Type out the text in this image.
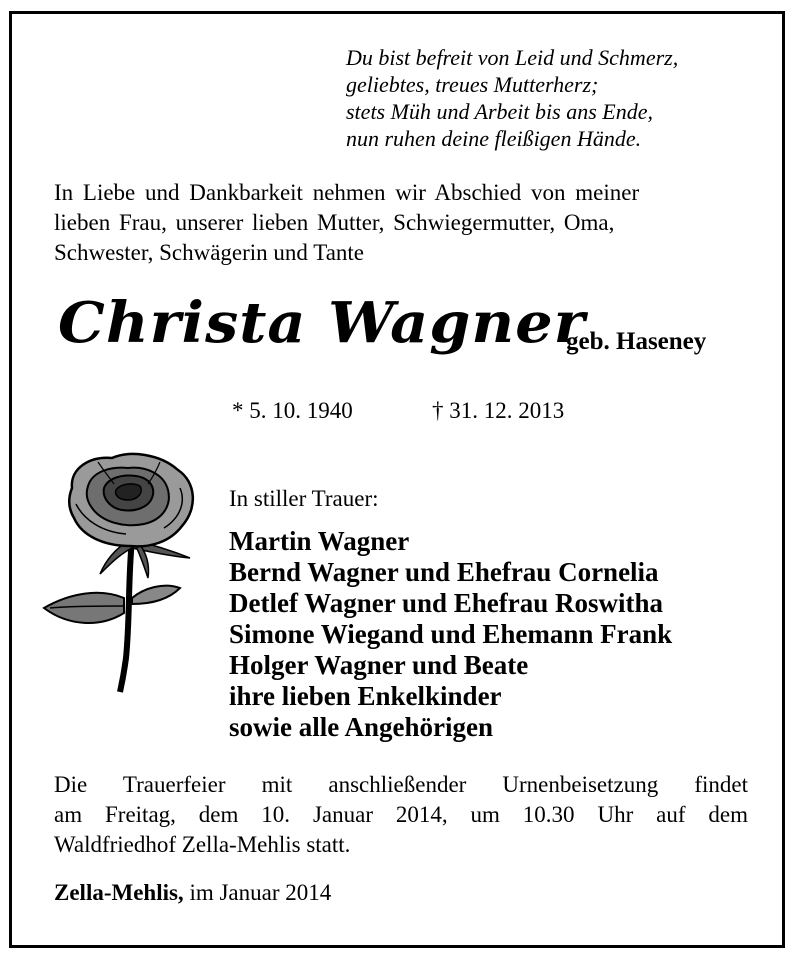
Du bist befreit von Leid und Schmerz,
geliebtes, treues Mutterherz;
stets Müh und Arbeit bis ans Ende,
nun ruhen deine fleißigen Hände.
In Liebe und Dankbarkeit nehmen wir Abschied von meiner
lieben Frau, unserer lieben Mutter, Schwiegermutter, Oma,
Schwester, Schwägerin und Tante
Christa Wagner
geb. Haseney
* 5. 10. 1940	† 31. 12. 2013
In stiller Trauer:
Martin Wagner
Bernd Wagner und Ehefrau Cornelia
Detlef Wagner und Ehefrau Roswitha
Simone Wiegand und Ehemann Frank
Holger Wagner und Beate
ihre lieben Enkelkinder
sowie alle Angehörigen
Die Trauerfeier mit anschließender Urnenbeisetzung findet
am Freitag, dem 10. Januar 2014, um 10.30 Uhr auf dem
Waldfriedhof Zella-Mehlis statt.
Zella-Mehlis, im Januar 2014
